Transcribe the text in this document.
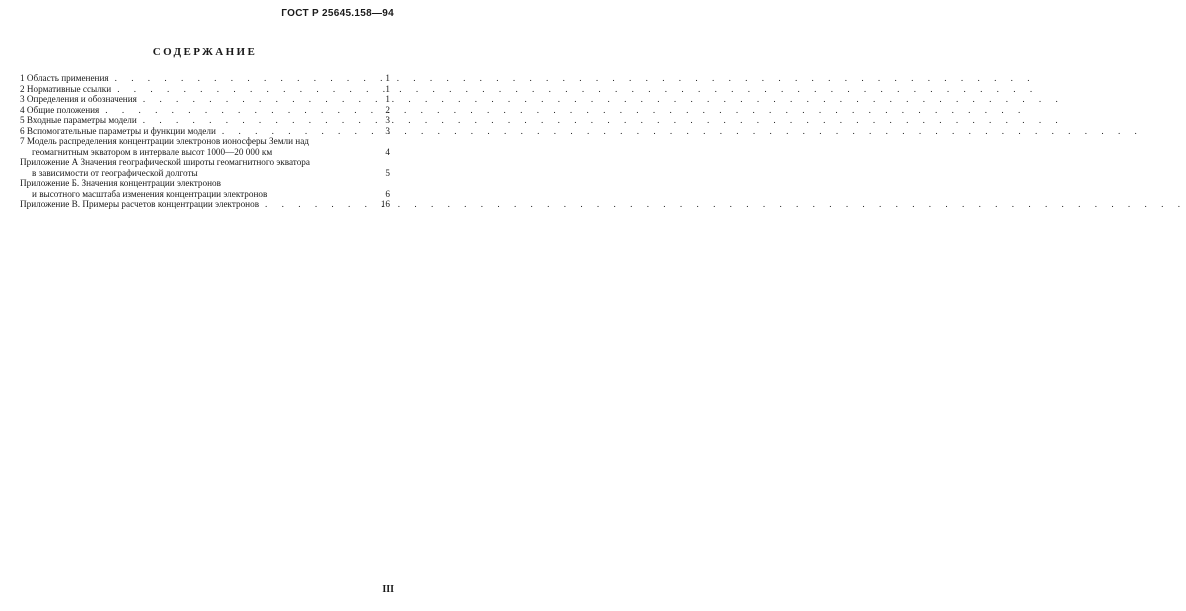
ГОСТ Р 25645.158—94
СОДЕРЖАНИЕ
1 Область применения . . .	1
2 Нормативные ссылки . . .	1
3 Определения и обозначения . . .	1
4 Общие положения . . .	2
5 Входные параметры модели . . .	3
6 Вспомогательные параметры и функции модели . . .	3
7 Модель распределения концентрации электронов ионосферы Земли над
геомагнитным экватором в интервале высот 1000—20 000 км	4
Приложение А Значения географической широты геомагнитного экватора
в зависимости от географической долготы	5
Приложение Б. Значения концентрации электронов
и высотного масштаба изменения концентрации электронов	6
Приложение В. Примеры расчетов концентрации электронов . . .	16
III
